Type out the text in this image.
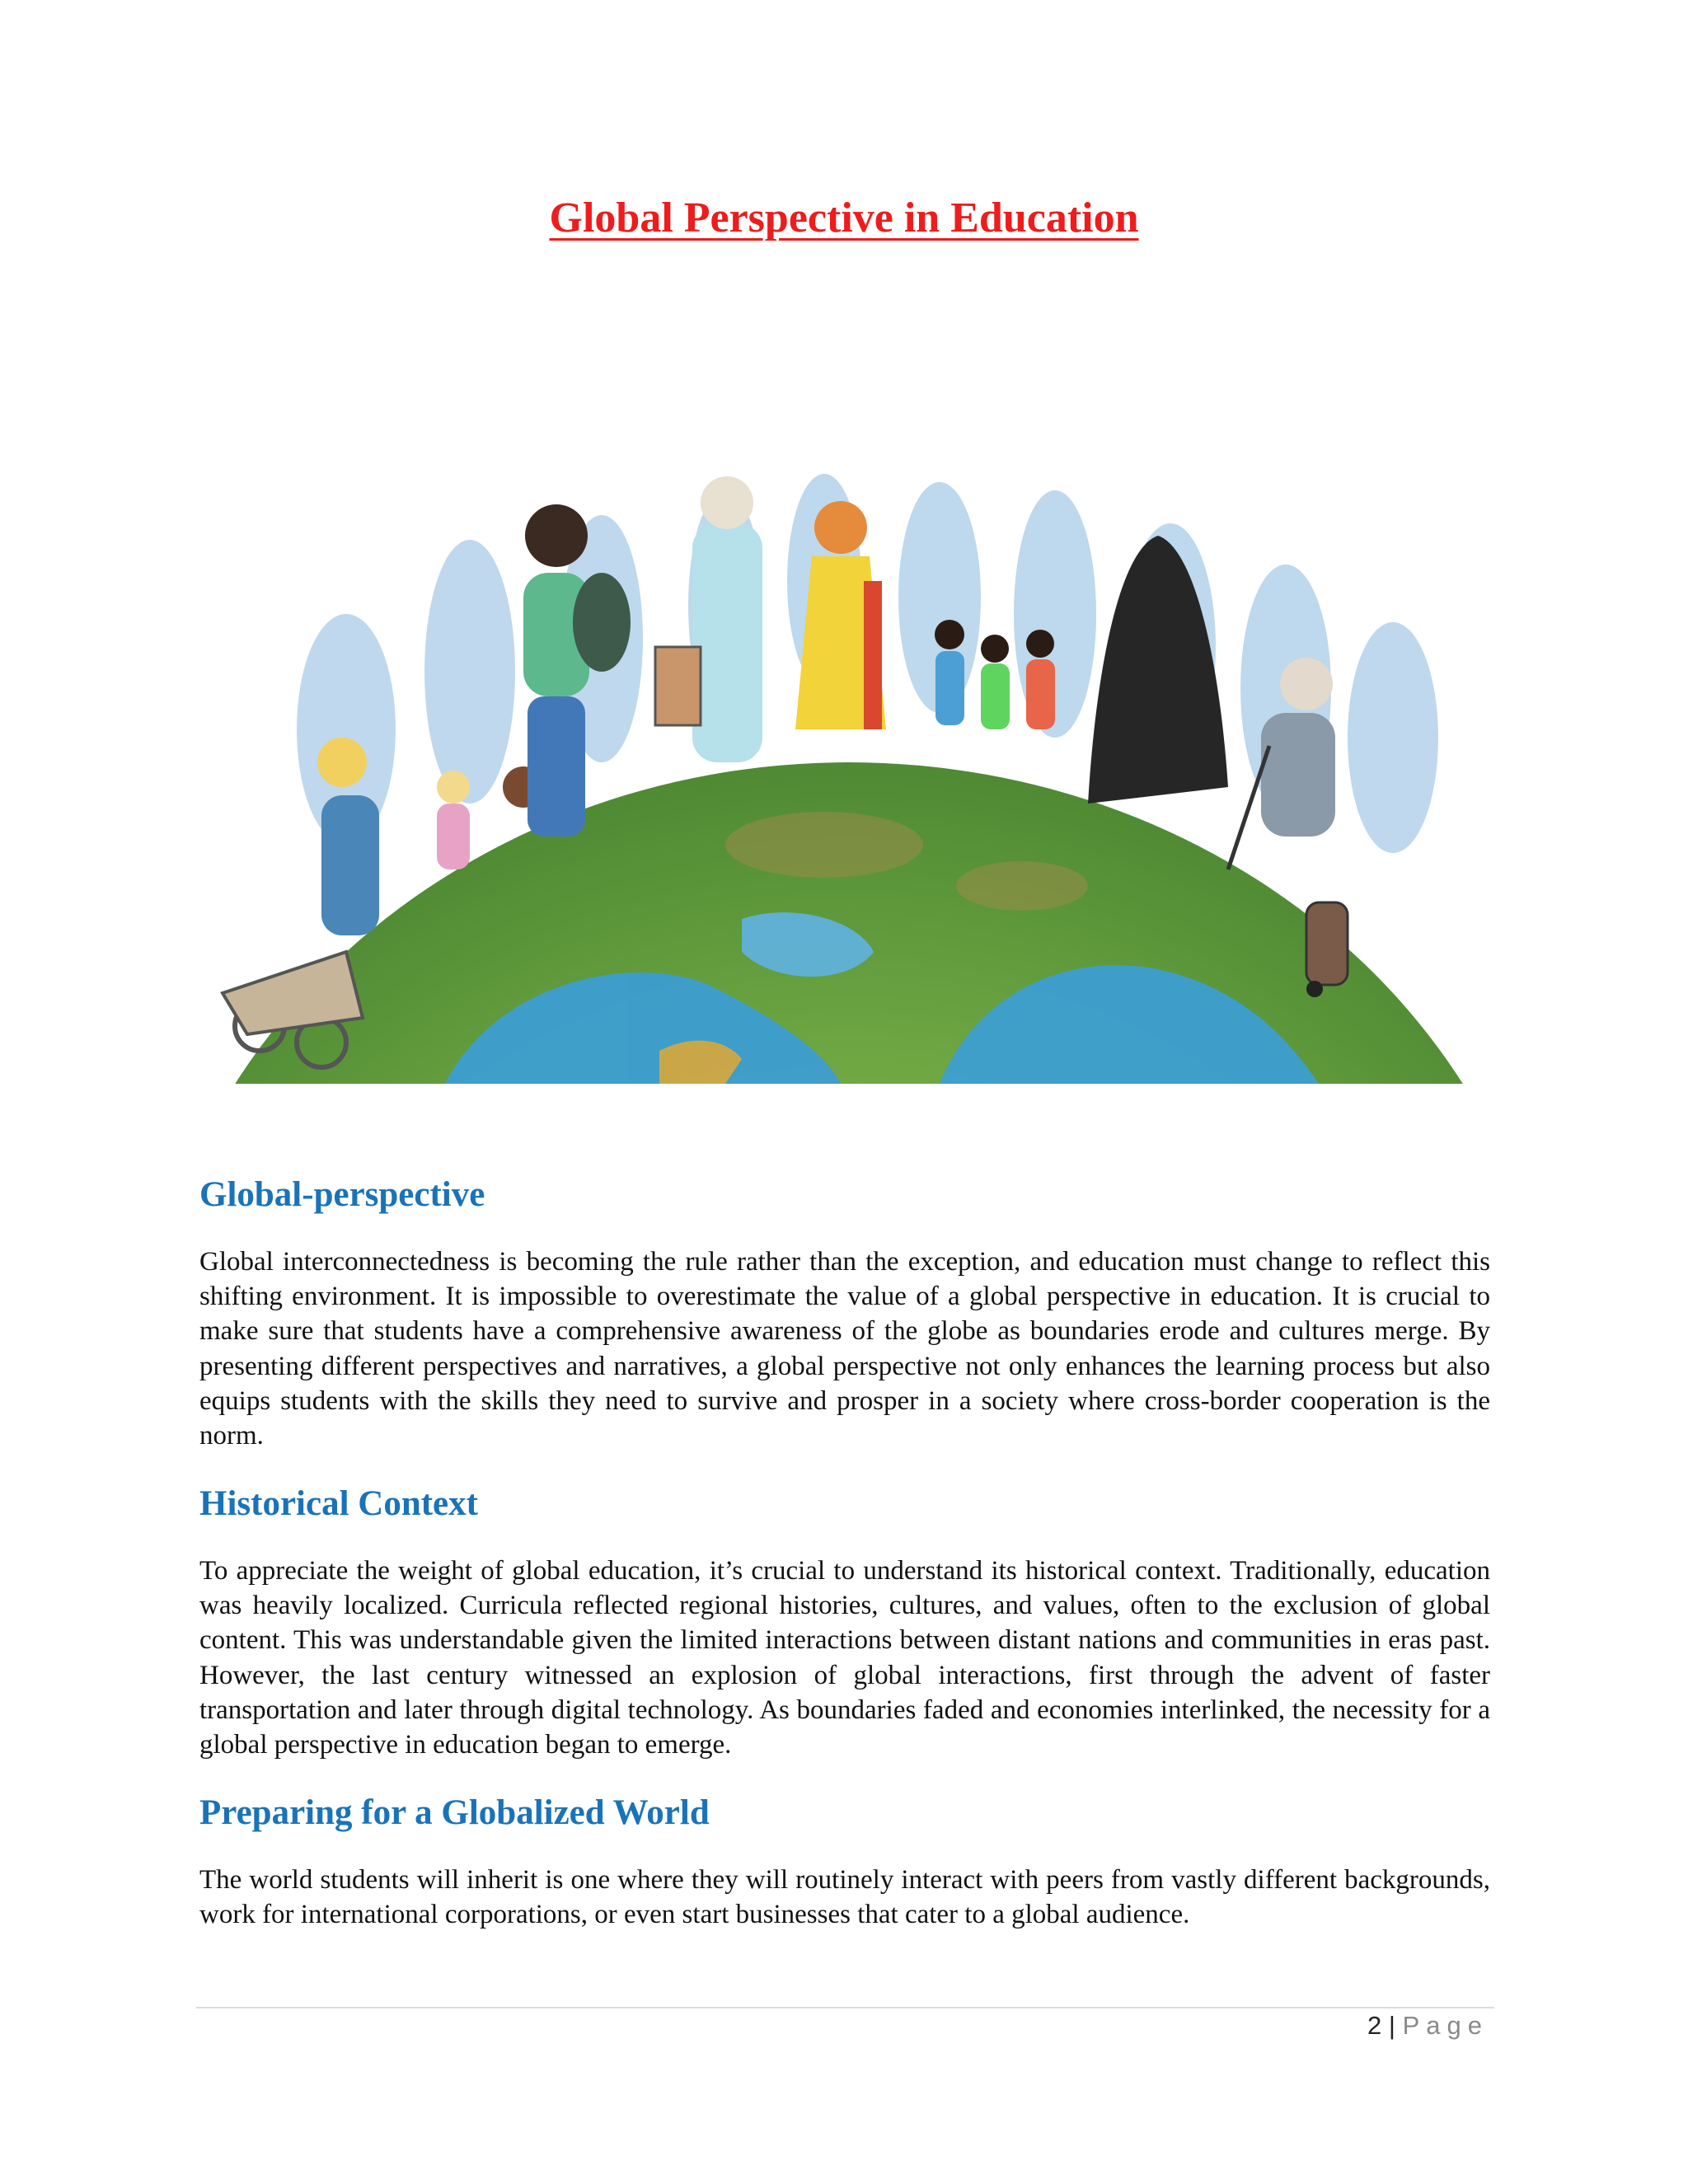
Global Perspective in Education
Global-perspective

Global interconnectedness is becoming the rule rather than the exception, and education must change to reflect this shifting environment. It is impossible to overestimate the value of a global perspective in education. It is crucial to make sure that students have a comprehensive awareness of the globe as boundaries erode and cultures merge. By presenting different perspectives and narratives, a global perspective not only enhances the learning process but also equips students with the skills they need to survive and prosper in a society where cross-border cooperation is the norm.

Historical Context

To appreciate the weight of global education, it’s crucial to understand its historical context. Traditionally, education was heavily localized. Curricula reflected regional histories, cultures, and values, often to the exclusion of global content. This was understandable given the limited interactions between distant nations and communities in eras past. However, the last century witnessed an explosion of global interactions, first through the advent of faster transportation and later through digital technology. As boundaries faded and economies interlinked, the necessity for a global perspective in education began to emerge.

Preparing for a Globalized World

The world students will inherit is one where they will routinely interact with peers from vastly different backgrounds, work for international corporations, or even start businesses that cater to a global audience.

2 | Page
